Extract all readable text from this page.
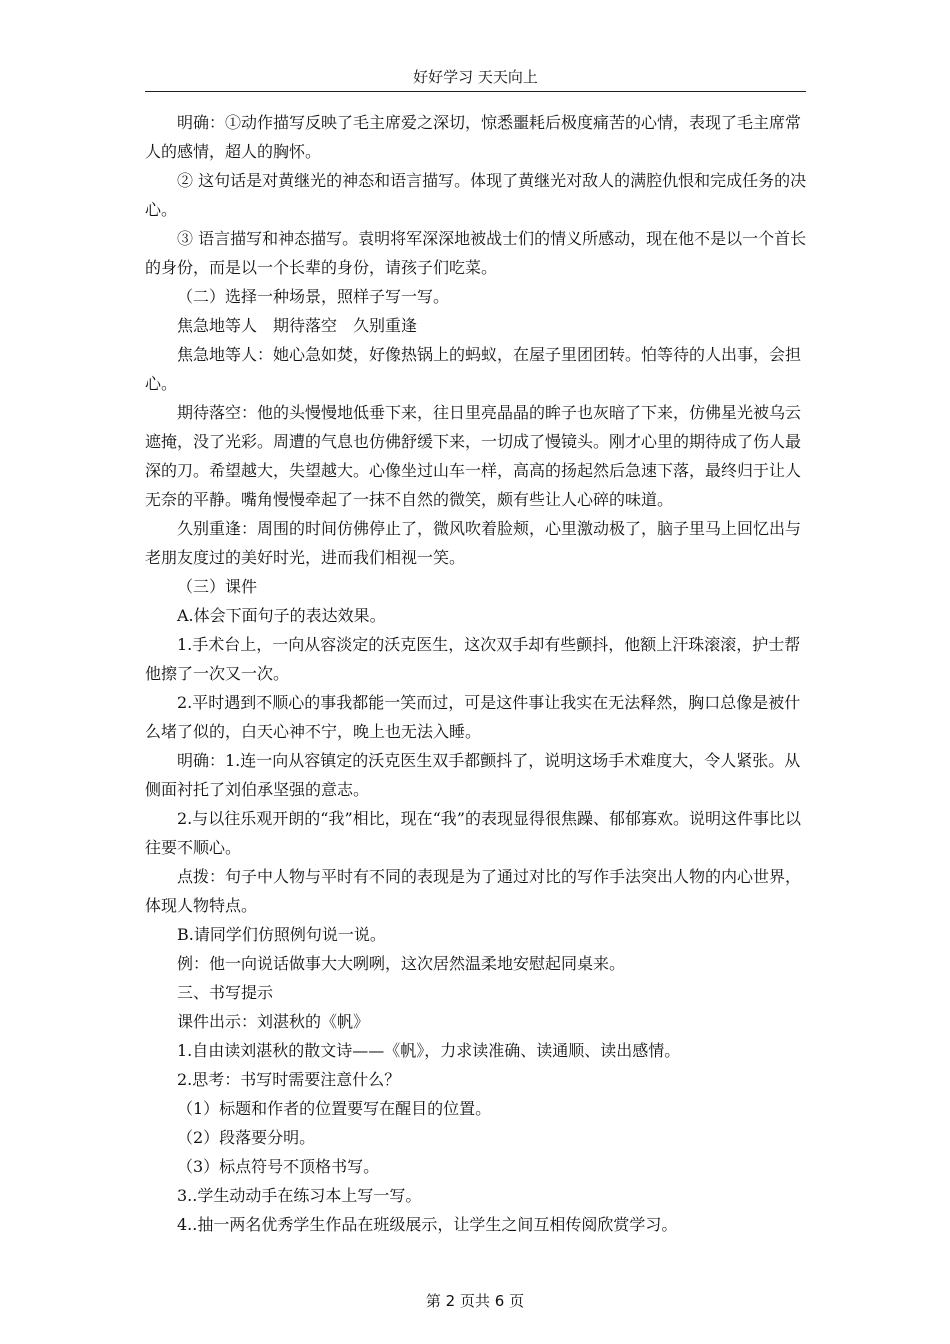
好好学习 天天向上

明确：①动作描写反映了毛主席爱之深切，惊悉噩耗后极度痛苦的心情，表现了毛主席常人的感情，超人的胸怀。

② 这句话是对黄继光的神态和语言描写。体现了黄继光对敌人的满腔仇恨和完成任务的决心。

③ 语言描写和神态描写。袁明将军深深地被战士们的情义所感动，现在他不是以一个首长的身份，而是以一个长辈的身份，请孩子们吃菜。

（二）选择一种场景，照样子写一写。

焦急地等人　期待落空　久别重逢

焦急地等人：她心急如焚，好像热锅上的蚂蚁，在屋子里团团转。怕等待的人出事，会担心。

期待落空：他的头慢慢地低垂下来，往日里亮晶晶的眸子也灰暗了下来，仿佛星光被乌云遮掩，没了光彩。周遭的气息也仿佛舒缓下来，一切成了慢镜头。刚才心里的期待成了伤人最深的刀。希望越大，失望越大。心像坐过山车一样，高高的扬起然后急速下落，最终归于让人无奈的平静。嘴角慢慢牵起了一抹不自然的微笑，颇有些让人心碎的味道。

久别重逢：周围的时间仿佛停止了，微风吹着脸颊，心里激动极了，脑子里马上回忆出与老朋友度过的美好时光，进而我们相视一笑。

（三）课件

A.体会下面句子的表达效果。

1.手术台上，一向从容淡定的沃克医生，这次双手却有些颤抖，他额上汗珠滚滚，护士帮他擦了一次又一次。

2.平时遇到不顺心的事我都能一笑而过，可是这件事让我实在无法释然，胸口总像是被什么堵了似的，白天心神不宁，晚上也无法入睡。

明确：1.连一向从容镇定的沃克医生双手都颤抖了，说明这场手术难度大，令人紧张。从侧面衬托了刘伯承坚强的意志。

2.与以往乐观开朗的“我”相比，现在“我”的表现显得很焦躁、郁郁寡欢。说明这件事比以往要不顺心。

点拨：句子中人物与平时有不同的表现是为了通过对比的写作手法突出人物的内心世界，体现人物特点。

B.请同学们仿照例句说一说。

例：他一向说话做事大大咧咧，这次居然温柔地安慰起同桌来。

三、书写提示

课件出示：刘湛秋的《帆》

1.自由读刘湛秋的散文诗——《帆》，力求读准确、读通顺、读出感情。

2.思考：书写时需要注意什么？

（1）标题和作者的位置要写在醒目的位置。

（2）段落要分明。

（3）标点符号不顶格书写。

3..学生动动手在练习本上写一写。

4..抽一两名优秀学生作品在班级展示，让学生之间互相传阅欣赏学习。

第 2 页共 6 页
